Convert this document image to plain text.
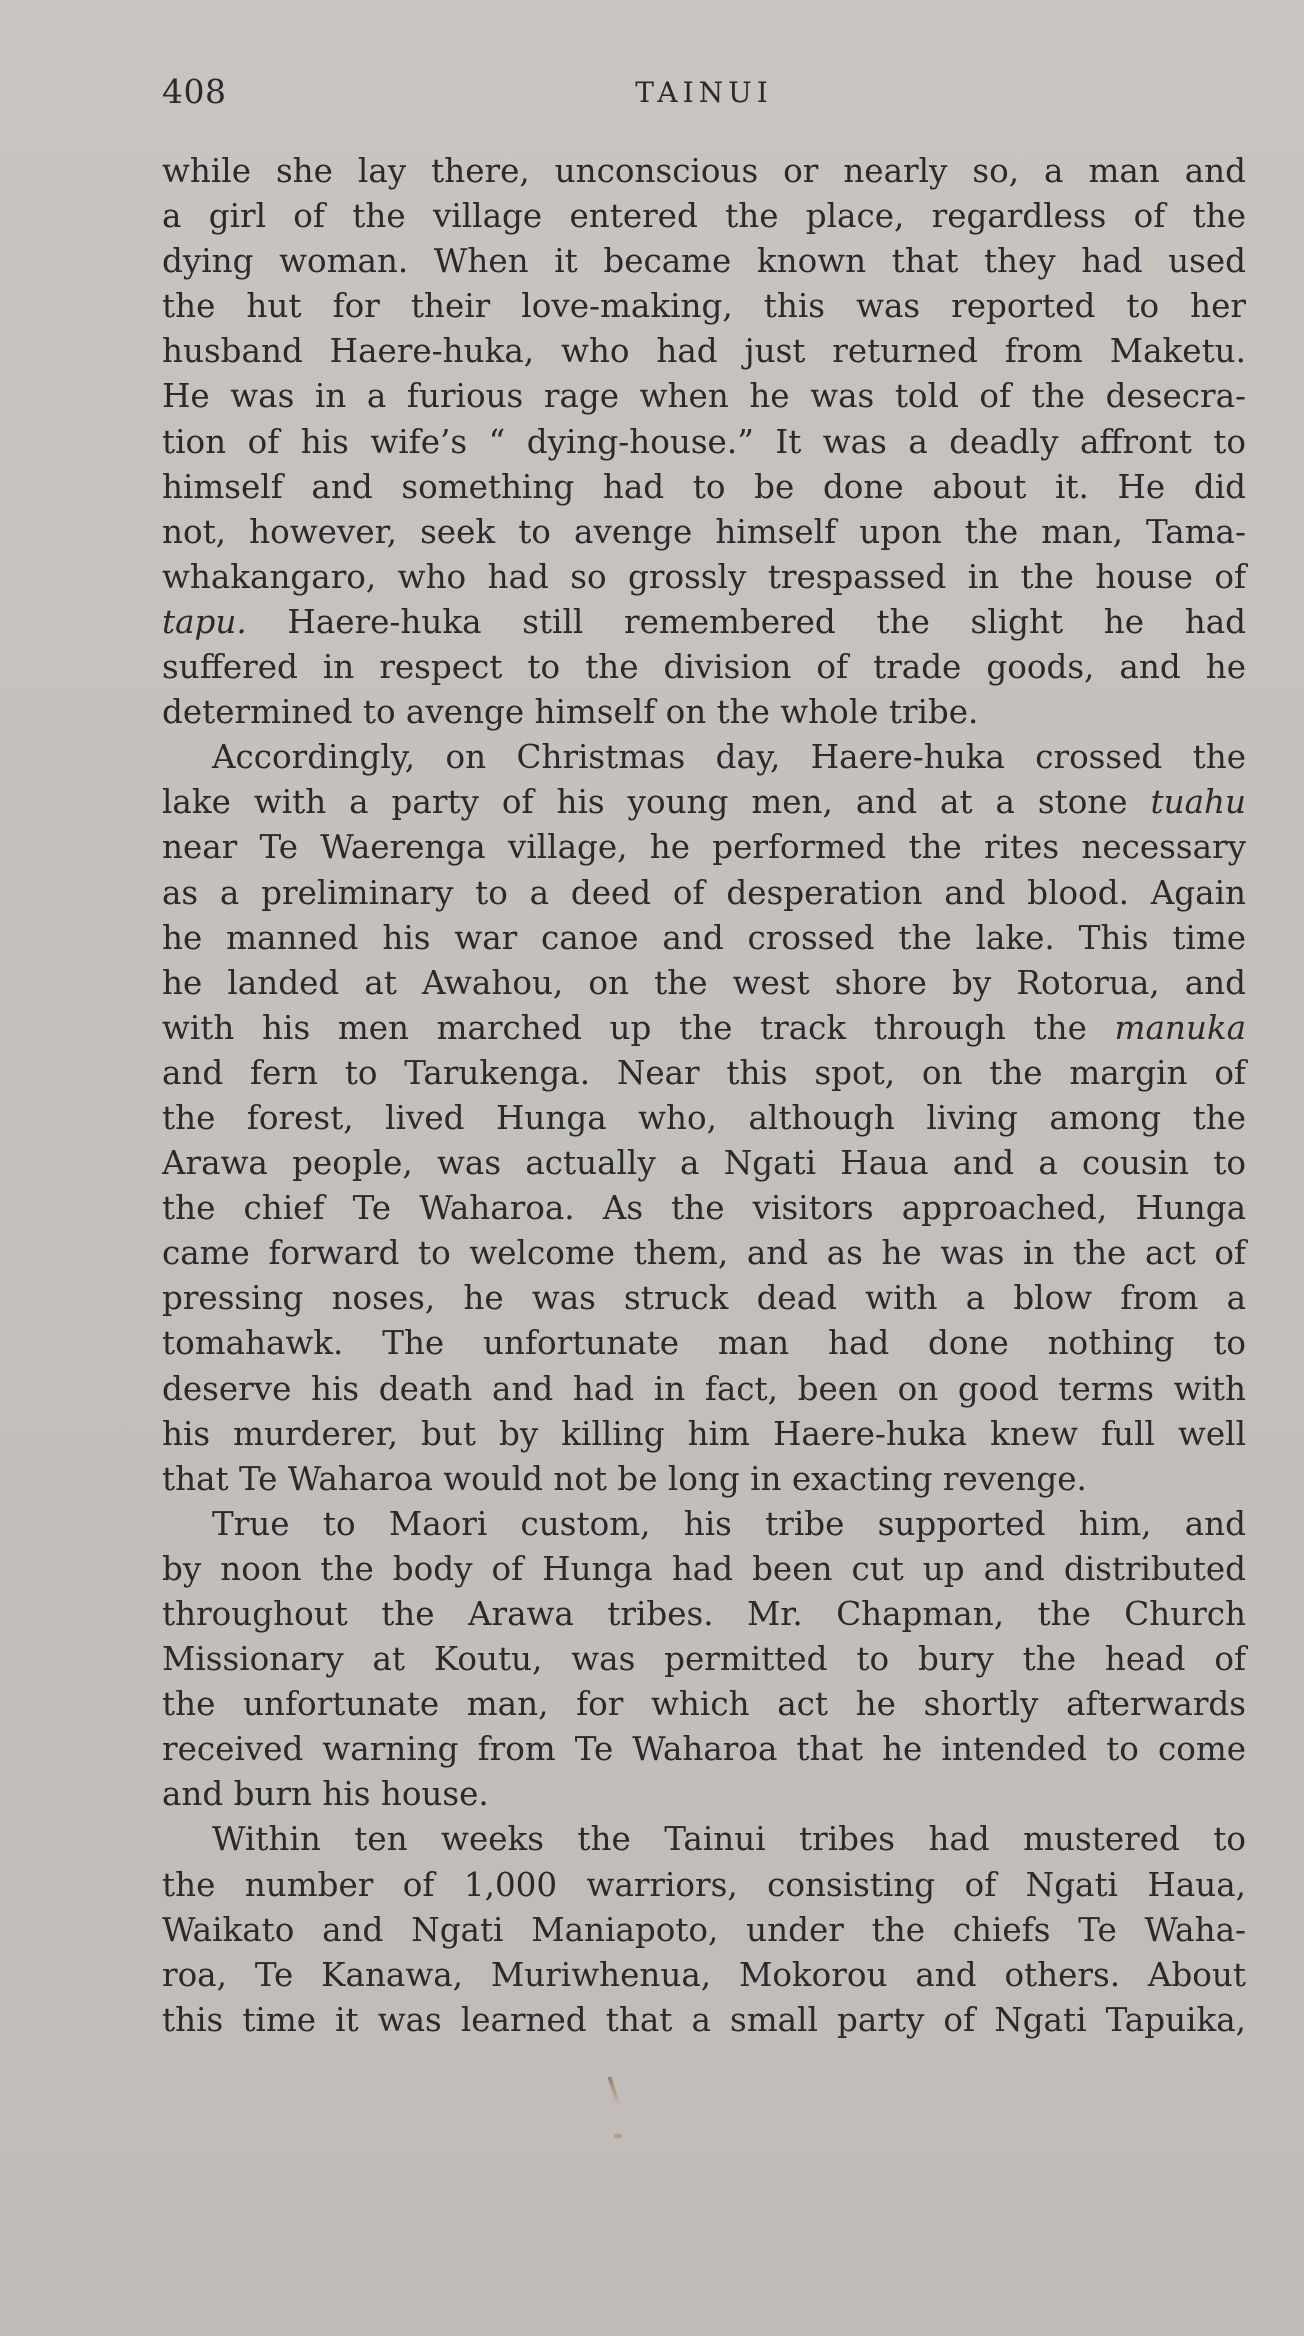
408	TAINUI
while she lay there, unconscious or nearly so, a man and
a girl of the village entered the place, regardless of the
dying woman. When it became known that they had used
the hut for their love-making, this was reported to her
husband Haere-huka, who had just returned from Maketu.
He was in a furious rage when he was told of the desecra-
tion of his wife’s “ dying-house.” It was a deadly affront to
himself and something had to be done about it. He did
not, however, seek to avenge himself upon the man, Tama-
whakangaro, who had so grossly trespassed in the house of
tapu. Haere-huka still remembered the slight he had
suffered in respect to the division of trade goods, and he
determined to avenge himself on the whole tribe.
Accordingly, on Christmas day, Haere-huka crossed the
lake with a party of his young men, and at a stone tuahu
near Te Waerenga village, he performed the rites necessary
as a preliminary to a deed of desperation and blood. Again
he manned his war canoe and crossed the lake. This time
he landed at Awahou, on the west shore by Rotorua, and
with his men marched up the track through the manuka
and fern to Tarukenga. Near this spot, on the margin of
the forest, lived Hunga who, although living among the
Arawa people, was actually a Ngati Haua and a cousin to
the chief Te Waharoa. As the visitors approached, Hunga
came forward to welcome them, and as he was in the act of
pressing noses, he was struck dead with a blow from a
tomahawk. The unfortunate man had done nothing to
deserve his death and had in fact, been on good terms with
his murderer, but by killing him Haere-huka knew full well
that Te Waharoa would not be long in exacting revenge.
True to Maori custom, his tribe supported him, and
by noon the body of Hunga had been cut up and distributed
throughout the Arawa tribes. Mr. Chapman, the Church
Missionary at Koutu, was permitted to bury the head of
the unfortunate man, for which act he shortly afterwards
received warning from Te Waharoa that he intended to come
and burn his house.
Within ten weeks the Tainui tribes had mustered to
the number of 1,000 warriors, consisting of Ngati Haua,
Waikato and Ngati Maniapoto, under the chiefs Te Waha-
roa, Te Kanawa, Muriwhenua, Mokorou and others. About
this time it was learned that a small party of Ngati Tapuika,
